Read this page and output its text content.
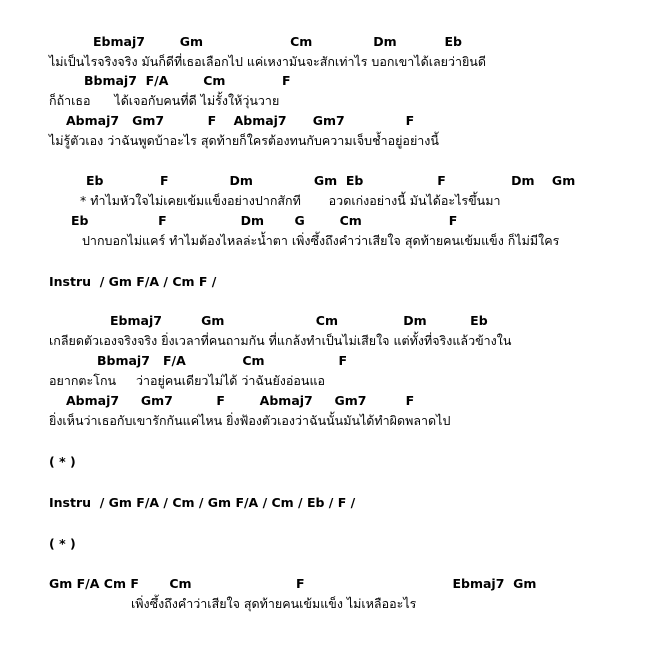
Ebmaj7        Gm                    Cm              Dm           Eb
ไม่เป็นไรจริงจริง มันก็ดีที่เธอเลือกไป แค่เหงามันจะสักเท่าไร บอกเขาได้เลยว่ายินดี
Bbmaj7  F/A        Cm             F
ก็ถ้าเธอ      ได้เจอกับคนที่ดี ไม่รั้งให้วุ่นวาย
Abmaj7   Gm7          F    Abmaj7      Gm7              F
ไม่รู้ตัวเอง ว่าฉันพูดบ้าอะไร สุดท้ายก็ใครต้องทนกับความเจ็บช้ำอยู่อย่างนี้
Eb             F              Dm              Gm  Eb                 F               Dm    Gm
* ทำไมหัวใจไม่เคยเข้มแข็งอย่างปากสักที       อวดเก่งอย่างนี้ มันได้อะไรขึ้นมา
Eb                F                 Dm       G        Cm                    F
ปากบอกไม่แคร์ ทำไมต้องไหลล่ะน้ำตา เพิ่งซึ้งถึงคำว่าเสียใจ สุดท้ายคนเข้มแข็ง ก็ไม่มีใคร
Instru  / Gm F/A / Cm F /
Ebmaj7         Gm                     Cm               Dm          Eb
เกลียดตัวเองจริงจริง ยิ่งเวลาที่คนถามกัน ที่แกล้งทำเป็นไม่เสียใจ แต่ทั้งที่จริงแล้วข้างใน
Bbmaj7   F/A             Cm                 F
อยากตะโกน     ว่าอยู่คนเดียวไม่ได้ ว่าฉันยังอ่อนแอ
Abmaj7     Gm7          F        Abmaj7     Gm7         F
ยิ่งเห็นว่าเธอกับเขารักกันแค่ไหน ยิ่งฟ้องตัวเองว่าฉันนั้นมันได้ทำผิดพลาดไป
( * )
Instru  / Gm F/A / Cm / Gm F/A / Cm / Eb / F /
( * )
Gm F/A Cm F       Cm                        F                                  Ebmaj7  Gm
เพิ่งซึ้งถึงคำว่าเสียใจ สุดท้ายคนเข้มแข็ง ไม่เหลืออะไร
